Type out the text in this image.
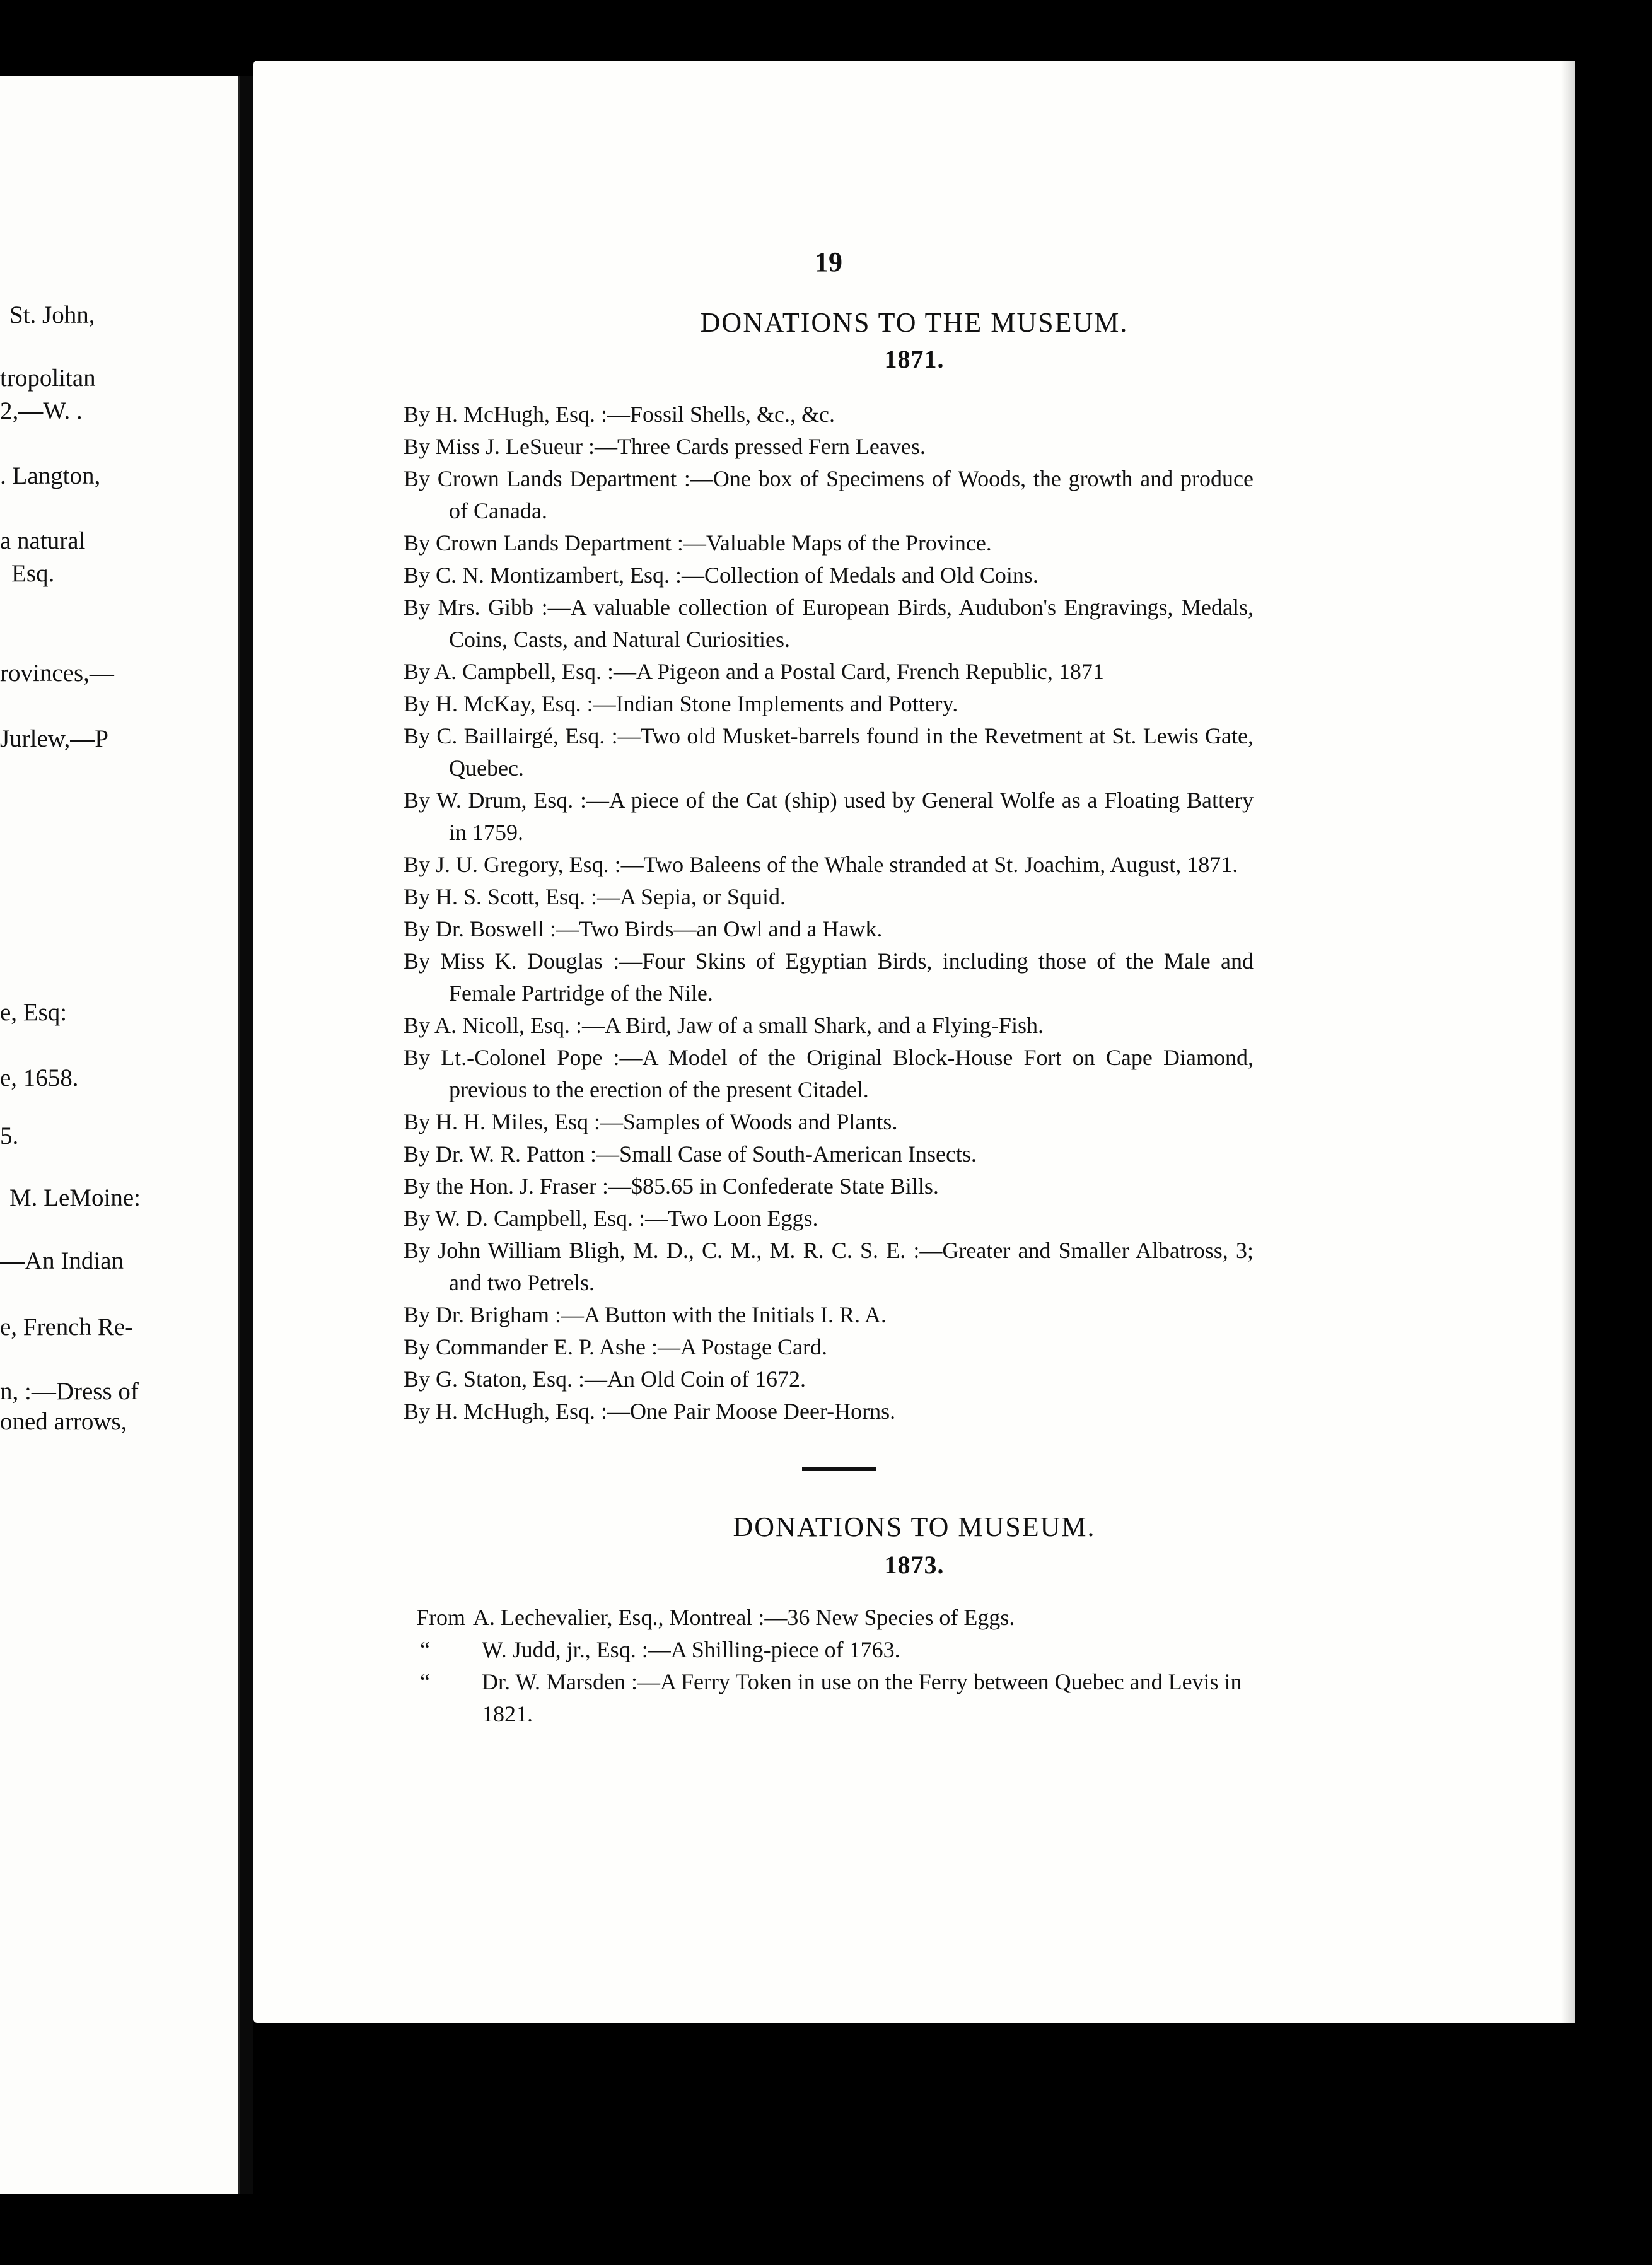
St. John,
tropolitan
2,—W. .
. Langton,
a natural
Esq.
rovinces,—
Jurlew,—P
e, Esq:
e, 1658.
5.
M. LeMoine:
—An Indian
e, French Re-
n, :—Dress of
oned arrows,
19
DONATIONS TO THE MUSEUM.
1871.
By H. McHugh, Esq. :—Fossil Shells, &c., &c.
By Miss J. LeSueur :—Three Cards pressed Fern Leaves.
By Crown Lands Department :—One box of Specimens of Woods, the growth and produce of Canada.
By Crown Lands Department :—Valuable Maps of the Province.
By C. N. Montizambert, Esq. :—Collection of Medals and Old Coins.
By Mrs. Gibb :—A valuable collection of European Birds, Audubon's Engravings, Medals, Coins, Casts, and Natural Curiosities.
By A. Campbell, Esq. :—A Pigeon and a Postal Card, French Republic, 1871
By H. McKay, Esq. :—Indian Stone Implements and Pottery.
By C. Baillairgé, Esq. :—Two old Musket-barrels found in the Revetment at St. Lewis Gate, Quebec.
By W. Drum, Esq. :—A piece of the Cat (ship) used by General Wolfe as a Floating Battery in 1759.
By J. U. Gregory, Esq. :—Two Baleens of the Whale stranded at St. Joachim, August, 1871.
By H. S. Scott, Esq. :—A Sepia, or Squid.
By Dr. Boswell :—Two Birds—an Owl and a Hawk.
By Miss K. Douglas :—Four Skins of Egyptian Birds, including those of the Male and Female Partridge of the Nile.
By A. Nicoll, Esq. :—A Bird, Jaw of a small Shark, and a Flying-Fish.
By Lt.-Colonel Pope :—A Model of the Original Block-House Fort on Cape Diamond, previous to the erection of the present Citadel.
By H. H. Miles, Esq :—Samples of Woods and Plants.
By Dr. W. R. Patton :—Small Case of South-American Insects.
By the Hon. J. Fraser :—$85.65 in Confederate State Bills.
By W. D. Campbell, Esq. :—Two Loon Eggs.
By John William Bligh, M. D., C. M., M. R. C. S. E. :—Greater and Smaller Albatross, 3; and two Petrels.
By Dr. Brigham :—A Button with the Initials I. R. A.
By Commander E. P. Ashe :—A Postage Card.
By G. Staton, Esq. :—An Old Coin of 1672.
By H. McHugh, Esq. :—One Pair Moose Deer-Horns.
DONATIONS TO MUSEUM.
1873.
From A. Lechevalier, Esq., Montreal :—36 New Species of Eggs.
“	W. Judd, jr., Esq. :—A Shilling-piece of 1763.
“	Dr. W. Marsden :—A Ferry Token in use on the Ferry between Quebec and Levis in 1821.
